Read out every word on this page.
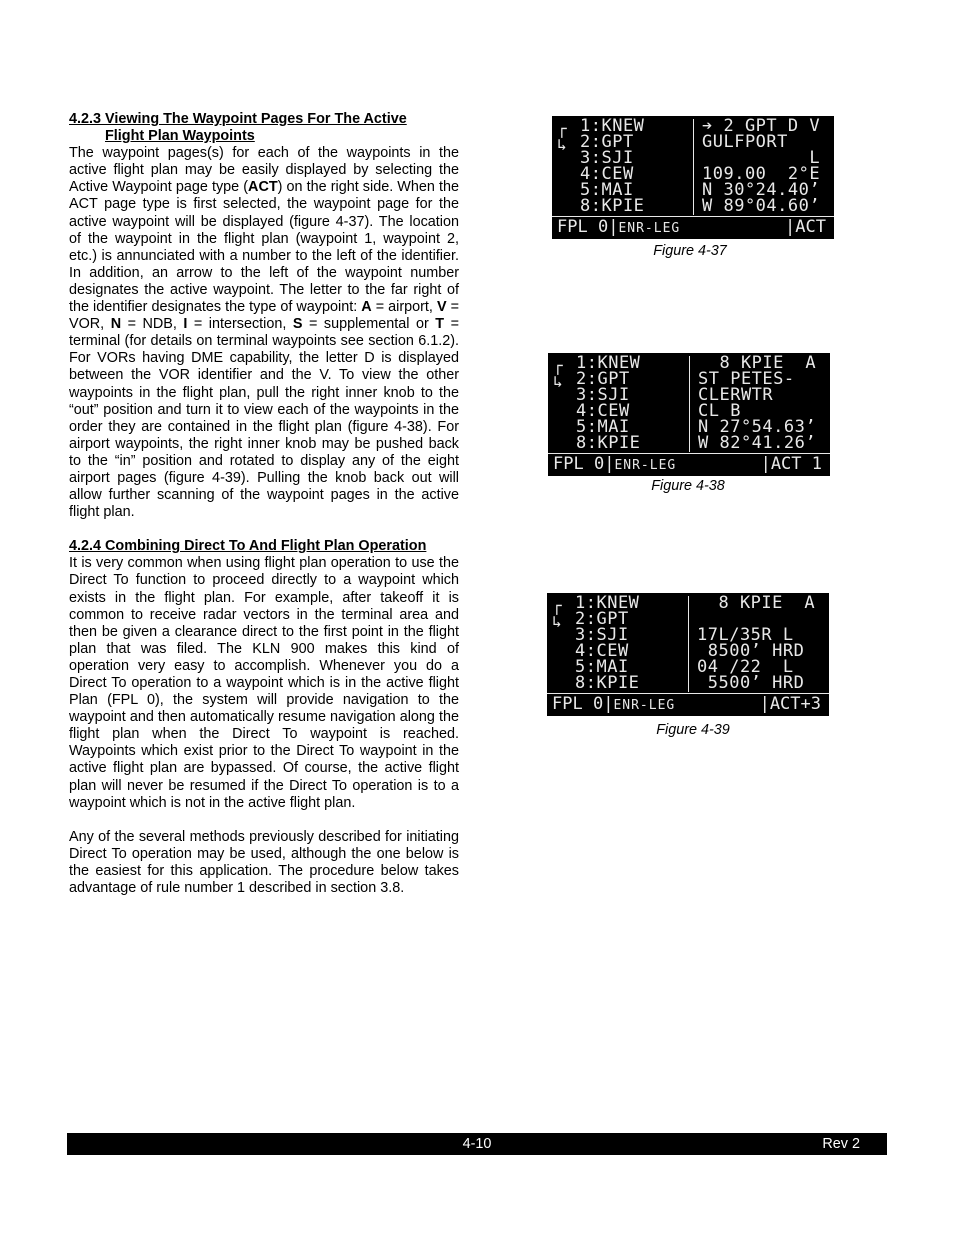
4.2.3 Viewing The Waypoint Pages For The Active
Flight Plan Waypoints

The waypoint pages(s) for each of the waypoints in the active flight plan may be easily displayed by selecting the Active Waypoint page type (ACT) on the right side. When the ACT page type is first selected, the waypoint page for the active waypoint will be displayed (figure 4-37). The location of the waypoint in the flight plan (waypoint 1, waypoint 2, etc.) is annunciated with a number to the left of the identifier. In addition, an arrow to the left of the waypoint number designates the active waypoint. The letter to the far right of the identifier designates the type of waypoint: A = airport, V = VOR, N = NDB, I = intersection, S = supplemental or T = terminal (for details on terminal waypoints see section 6.1.2). For VORs having DME capability, the letter D is displayed between the VOR identifier and the V. To view the other waypoints in the flight plan, pull the right inner knob to the “out” position and turn it to view each of the waypoints in the order they are contained in the flight plan (figure 4-38). For airport waypoints, the right inner knob may be pushed back to the “in” position and rotated to display any of the eight airport pages (figure 4-39). Pulling the knob back out will allow further scanning of the waypoint pages in the active flight plan.

4.2.4 Combining Direct To And Flight Plan Operation

It is very common when using flight plan operation to use the Direct To function to proceed directly to a waypoint which exists in the flight plan. For example, after takeoff it is common to receive radar vectors in the terminal area and then be given a clearance direct to the first point in the flight plan that was filed. The KLN 900 makes this kind of operation very easy to accomplish. Whenever you do a Direct To operation to a waypoint which is in the active flight Plan (FPL 0), the system will provide navigation to the waypoint and then automatically resume navigation along the flight plan when the Direct To waypoint is reached. Waypoints which exist prior to the Direct To waypoint in the active flight plan are bypassed. Of course, the active flight plan will never be resumed if the Direct To operation is to a waypoint which is not in the active flight plan.

Any of the several methods previously described for initiating Direct To operation may be used, although the one below is the easiest for this application. The procedure below takes advantage of rule number 1 described in section 3.8.

┌
↳
1:KNEW	➔ 2 GPT D V
2:GPT	GULFPORT
3:SJI	L
4:CEW	109.00  2°E
5:MAI	N 30°24.40’
8:KPIE	W 89°04.60’
FPL 0|ENR-LEG	|ACT
Figure 4-37
┌
↳
1:KNEW	8 KPIE  A
2:GPT	ST PETES-
3:SJI	CLERWTR
4:CEW	CL B
5:MAI	N 27°54.63’
8:KPIE	W 82°41.26’
FPL 0|ENR-LEG	|ACT 1
Figure 4-38
┌
↳
1:KNEW	8 KPIE  A
2:GPT
3:SJI	17L/35R L
4:CEW	8500’ HRD
5:MAI	04 /22  L
8:KPIE	5500’ HRD
FPL 0|ENR-LEG	|ACT+3
Figure 4-39
4-10	Rev 2
